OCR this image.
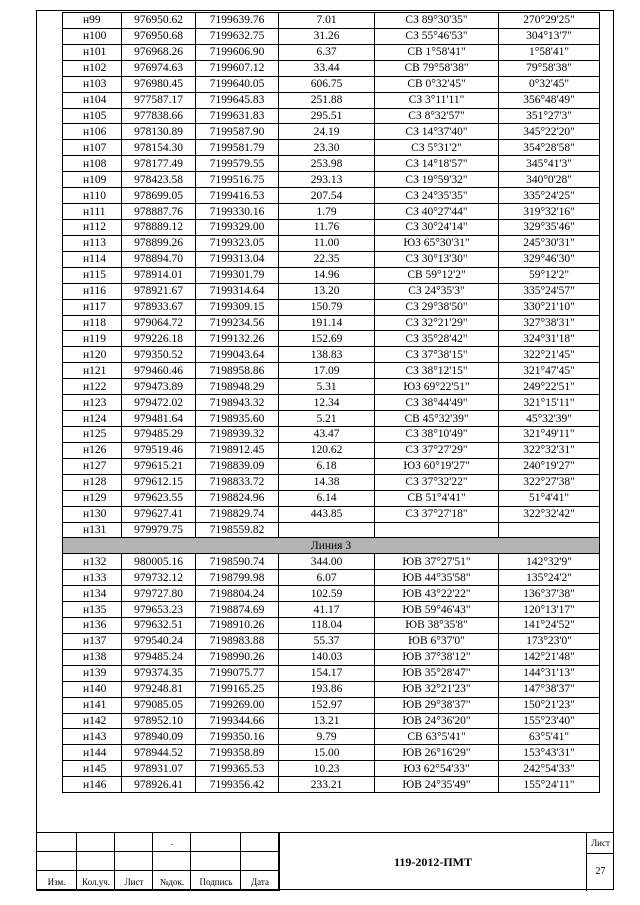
н99	976950.62	7199639.76	7.01	СЗ 89°30'35"	270°29'25"
н100	976950.68	7199632.75	31.26	СЗ 55°46'53"	304°13'7"
н101	976968.26	7199606.90	6.37	СВ 1°58'41"	1°58'41"
н102	976974.63	7199607.12	33.44	СВ 79°58'38"	79°58'38"
н103	976980.45	7199640.05	606.75	СВ 0°32'45"	0°32'45"
н104	977587.17	7199645.83	251.88	СЗ 3°11'11"	356°48'49"
н105	977838.66	7199631.83	295.51	СЗ 8°32'57"	351°27'3"
н106	978130.89	7199587.90	24.19	СЗ 14°37'40"	345°22'20"
н107	978154.30	7199581.79	23.30	СЗ 5°31'2"	354°28'58"
н108	978177.49	7199579.55	253.98	СЗ 14°18'57"	345°41'3"
н109	978423.58	7199516.75	293.13	СЗ 19°59'32"	340°0'28"
н110	978699.05	7199416.53	207.54	СЗ 24°35'35"	335°24'25"
н111	978887.76	7199330.16	1.79	СЗ 40°27'44"	319°32'16"
н112	978889.12	7199329.00	11.76	СЗ 30°24'14"	329°35'46"
н113	978899.26	7199323.05	11.00	ЮЗ 65°30'31"	245°30'31"
н114	978894.70	7199313.04	22.35	СЗ 30°13'30"	329°46'30"
н115	978914.01	7199301.79	14.96	СВ 59°12'2"	59°12'2"
н116	978921.67	7199314.64	13.20	СЗ 24°35'3"	335°24'57"
н117	978933.67	7199309.15	150.79	СЗ 29°38'50"	330°21'10"
н118	979064.72	7199234.56	191.14	СЗ 32°21'29"	327°38'31"
н119	979226.18	7199132.26	152.69	СЗ 35°28'42"	324°31'18"
н120	979350.52	7199043.64	138.83	СЗ 37°38'15"	322°21'45"
н121	979460.46	7198958.86	17.09	СЗ 38°12'15"	321°47'45"
н122	979473.89	7198948.29	5.31	ЮЗ 69°22'51"	249°22'51"
н123	979472.02	7198943.32	12.34	СЗ 38°44'49"	321°15'11"
н124	979481.64	7198935.60	5.21	СВ 45°32'39"	45°32'39"
н125	979485.29	7198939.32	43.47	СЗ 38°10'49"	321°49'11"
н126	979519.46	7198912.45	120.62	СЗ 37°27'29"	322°32'31"
н127	979615.21	7198839.09	6.18	ЮЗ 60°19'27"	240°19'27"
н128	979612.15	7198833.72	14.38	СЗ 37°32'22"	322°27'38"
н129	979623.55	7198824.96	6.14	СВ 51°4'41"	51°4'41"
н130	979627.41	7198829.74	443.85	СЗ 37°27'18"	322°32'42"
н131	979979.75	7198559.82			
Линия 3					
н132	980005.16	7198590.74	344.00	ЮВ 37°27'51"	142°32'9"
н133	979732.12	7198799.98	6.07	ЮВ 44°35'58"	135°24'2"
н134	979727.80	7198804.24	102.59	ЮВ 43°22'22"	136°37'38"
н135	979653.23	7198874.69	41.17	ЮВ 59°46'43"	120°13'17"
н136	979632.51	7198910.26	118.04	ЮВ 38°35'8"	141°24'52"
н137	979540.24	7198983.88	55.37	ЮВ 6°37'0"	173°23'0"
н138	979485.24	7198990.26	140.03	ЮВ 37°38'12"	142°21'48"
н139	979374.35	7199075.77	154.17	ЮВ 35°28'47"	144°31'13"
н140	979248.81	7199165.25	193.86	ЮВ 32°21'23"	147°38'37"
н141	979085.05	7199269.00	152.97	ЮВ 29°38'37"	150°21'23"
н142	978952.10	7199344.66	13.21	ЮВ 24°36'20"	155°23'40"
н143	978940.09	7199350.16	9.79	СВ 63°5'41"	63°5'41"
н144	978944.52	7199358.89	15.00	ЮВ 26°16'29"	153°43'31"
н145	978931.07	7199365.53	10.23	ЮЗ 62°54'33"	242°54'33"
н146	978926.41	7199356.42	233.21	ЮВ 24°35'49"	155°24'11"
Изм.	Кол.уч.	Лист	№док.	Подпись	Дата
.
119-2012-ПМТ
Лист
27
